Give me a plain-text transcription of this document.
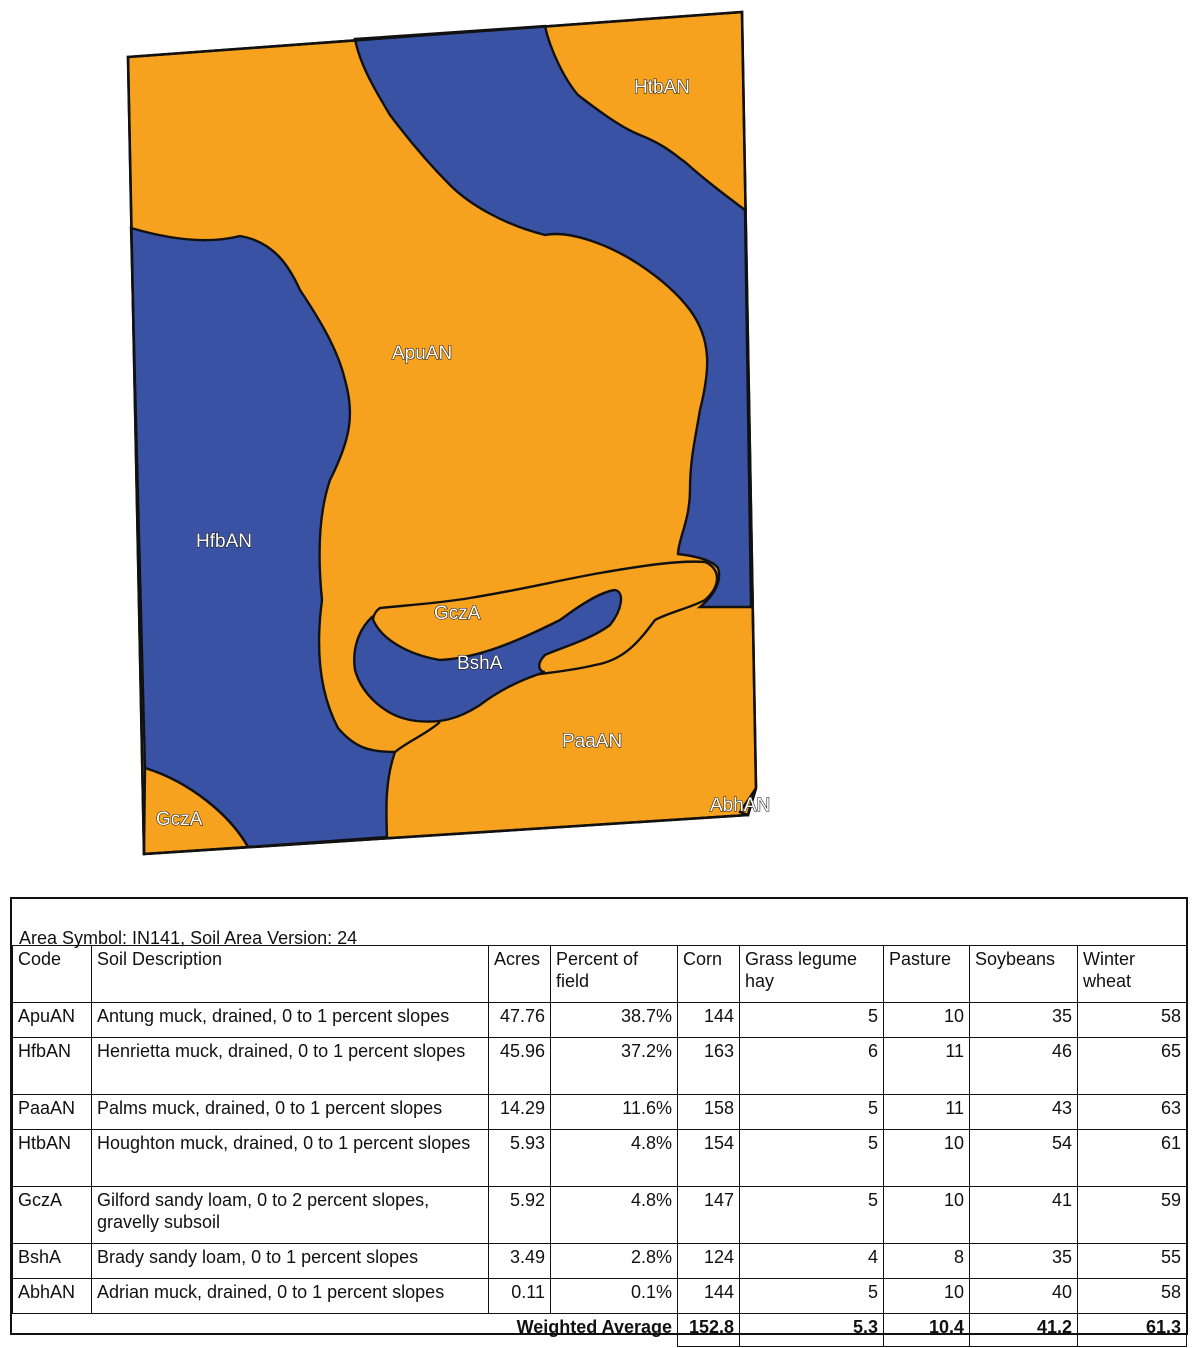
HtbAN
ApuAN
HfbAN
GczA
BshA
PaaAN
GczA
AbhAN
Area Symbol: IN141, Soil Area Version: 24
Code	Soil Description	Acres	Percent of field	Corn	Grass legume hay	Pasture	Soybeans	Winter wheat
ApuAN	Antung muck, drained, 0 to 1 percent slopes	47.76	38.7%	144	5	10	35	58
HfbAN	Henrietta muck, drained, 0 to 1 percent slopes	45.96	37.2%	163	6	11	46	65
PaaAN	Palms muck, drained, 0 to 1 percent slopes	14.29	11.6%	158	5	11	43	63
HtbAN	Houghton muck, drained, 0 to 1 percent slopes	5.93	4.8%	154	5	10	54	61
GczA	Gilford sandy loam, 0 to 2 percent slopes, gravelly subsoil	5.92	4.8%	147	5	10	41	59
BshA	Brady sandy loam, 0 to 1 percent slopes	3.49	2.8%	124	4	8	35	55
AbhAN	Adrian muck, drained, 0 to 1 percent slopes	0.11	0.1%	144	5	10	40	58
Weighted Average				152.8	5.3	10.4	41.2	61.3
